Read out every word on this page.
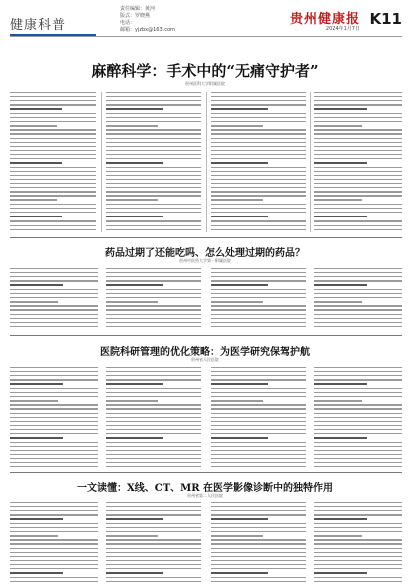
健康科普
责任编辑：黄河
版式：罗晓燕
电话：
邮箱：yjzbx@163.com
贵州健康报
2024年1月7日
K11
麻醉科学：手术中的“无痛守护者”
贵州医科大学附属医院
药品过期了还能吃吗、怎么处理过期的药品？
贵州中医药大学第一附属医院
医院科研管理的优化策略：为医学研究保驾护航
贵州省人民医院
一文读懂：X线、CT、MR 在医学影像诊断中的独特作用
贵州省第二人民医院
